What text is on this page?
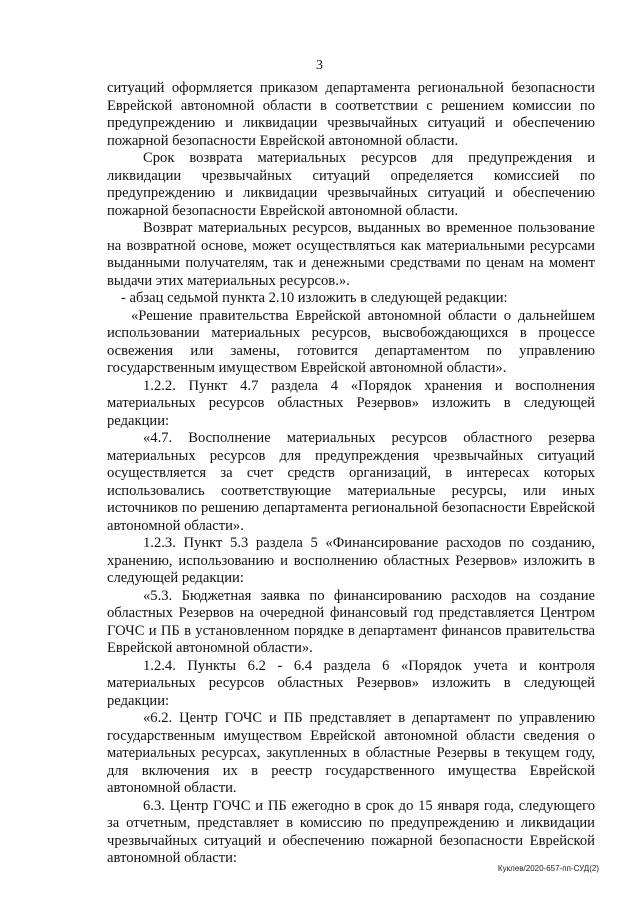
3

ситуаций оформляется приказом департамента региональной безопасности Еврейской автономной области в соответствии с решением комиссии по предупреждению и ликвидации чрезвычайных ситуаций и обеспечению пожарной безопасности Еврейской автономной области.

Срок возврата материальных ресурсов для предупреждения и ликвидации чрезвычайных ситуаций определяется комиссией по предупреждению и ликвидации чрезвычайных ситуаций и обеспечению пожарной безопасности Еврейской автономной области.

Возврат материальных ресурсов, выданных во временное пользование на возвратной основе, может осуществляться как материальными ресурсами выданными получателям, так и денежными средствами по ценам на момент выдачи этих материальных ресурсов.».

- абзац седьмой пункта 2.10 изложить в следующей редакции:

«Решение правительства Еврейской автономной области о дальнейшем использовании материальных ресурсов, высвобождающихся в процессе освежения или замены, готовится департаментом по управлению государственным имуществом Еврейской автономной области».

1.2.2. Пункт 4.7 раздела 4 «Порядок хранения и восполнения материальных ресурсов областных Резервов» изложить в следующей редакции:

«4.7. Восполнение материальных ресурсов областного резерва материальных ресурсов для предупреждения чрезвычайных ситуаций осуществляется за счет средств организаций, в интересах которых использовались соответствующие материальные ресурсы, или иных источников по решению департамента региональной безопасности Еврейской автономной области».

1.2.3. Пункт 5.3 раздела 5 «Финансирование расходов по созданию, хранению, использованию и восполнению областных Резервов» изложить в следующей редакции:

«5.3. Бюджетная заявка по финансированию расходов на создание областных Резервов на очередной финансовый год представляется Центром ГОЧС и ПБ в установленном порядке в департамент финансов правительства Еврейской автономной области».

1.2.4. Пункты 6.2 - 6.4 раздела 6 «Порядок учета и контроля материальных ресурсов областных Резервов» изложить в следующей редакции:

«6.2. Центр ГОЧС и ПБ представляет в департамент по управлению государственным имуществом Еврейской автономной области сведения о материальных ресурсах, закупленных в областные Резервы в текущем году, для включения их в реестр государственного имущества Еврейской автономной области.

6.3. Центр ГОЧС и ПБ ежегодно в срок до 15 января года, следующего за отчетным, представляет в комиссию по предупреждению и ликвидации чрезвычайных ситуаций и обеспечению пожарной безопасности Еврейской автономной области:

Куклев/2020-657-пп-СУД(2)
